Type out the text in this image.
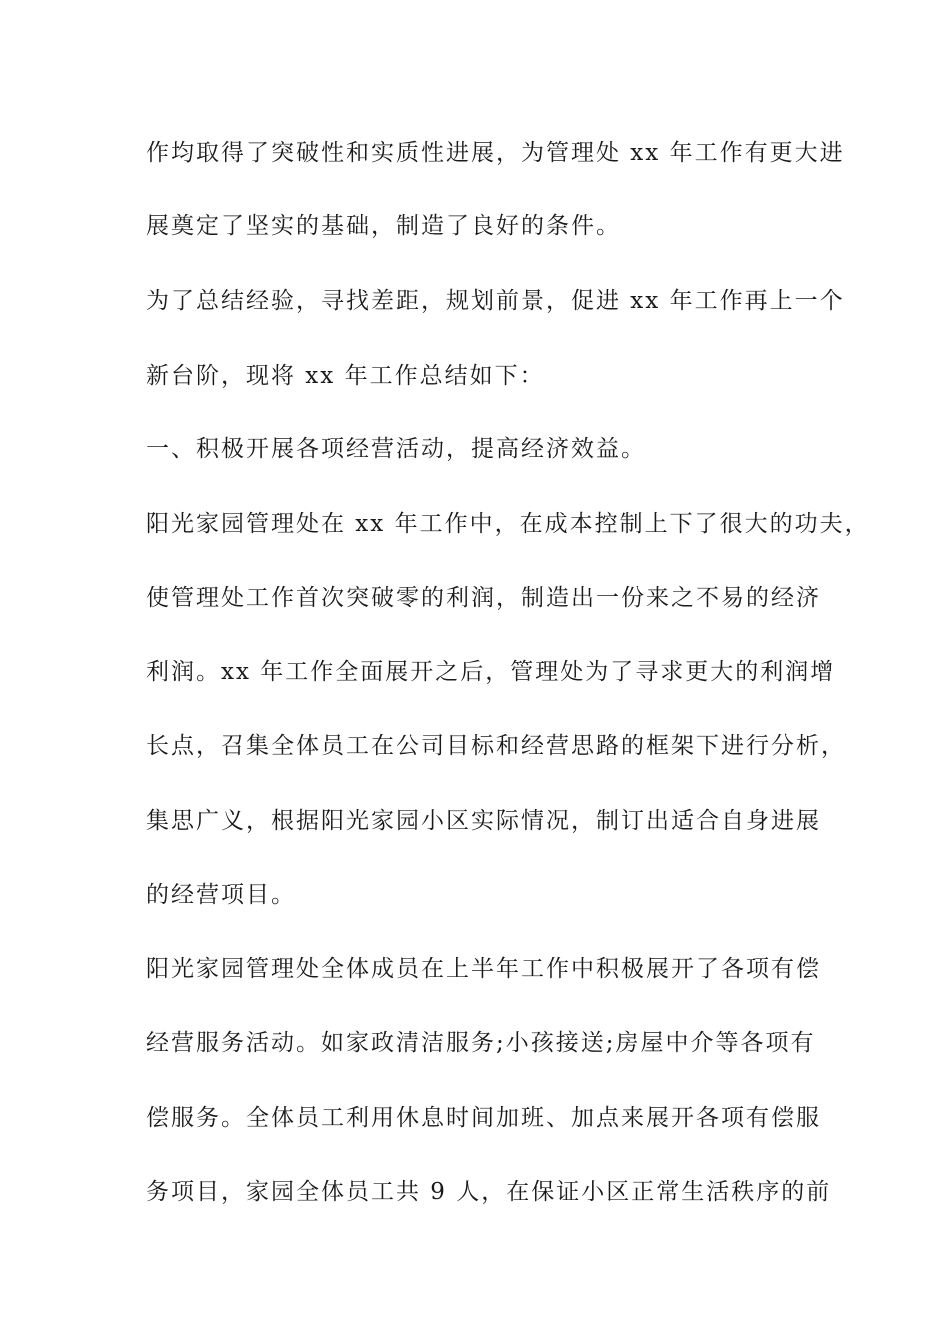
作均取得了突破性和实质性进展，为管理处 xx 年工作有更大进
展奠定了坚实的基础，制造了良好的条件。
为了总结经验，寻找差距，规划前景，促进 xx 年工作再上一个
新台阶，现将 xx 年工作总结如下：
一、积极开展各项经营活动，提高经济效益。
阳光家园管理处在 xx 年工作中，在成本控制上下了很大的功夫，
使管理处工作首次突破零的利润，制造出一份来之不易的经济
利润。xx 年工作全面展开之后，管理处为了寻求更大的利润增
长点，召集全体员工在公司目标和经营思路的框架下进行分析，
集思广义，根据阳光家园小区实际情况，制订出适合自身进展
的经营项目。
阳光家园管理处全体成员在上半年工作中积极展开了各项有偿
经营服务活动。如家政清洁服务;小孩接送;房屋中介等各项有
偿服务。全体员工利用休息时间加班、加点来展开各项有偿服
务项目，家园全体员工共 9 人，在保证小区正常生活秩序的前
